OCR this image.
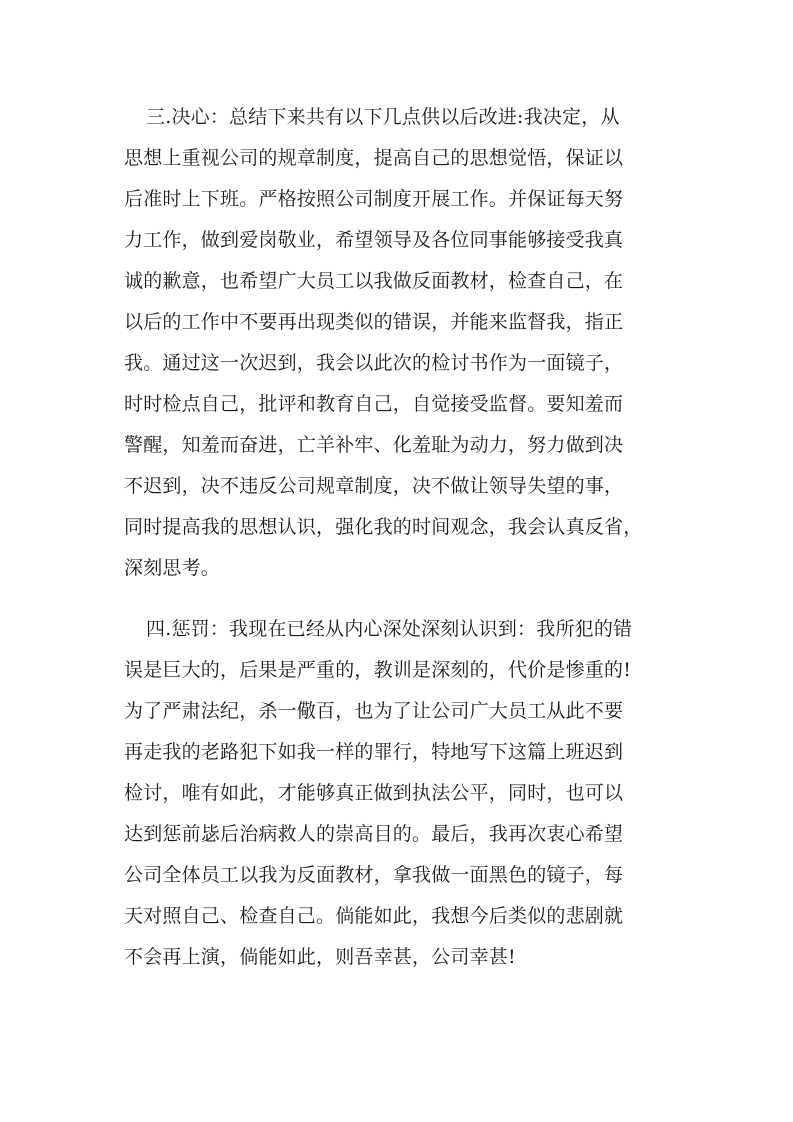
三.决心：总结下来共有以下几点供以后改进:我决定，从
思想上重视公司的规章制度，提高自己的思想觉悟，保证以
后准时上下班。严格按照公司制度开展工作。并保证每天努
力工作，做到爱岗敬业，希望领导及各位同事能够接受我真
诚的歉意，也希望广大员工以我做反面教材，检查自己，在
以后的工作中不要再出现类似的错误，并能来监督我，指正
我。通过这一次迟到，我会以此次的检讨书作为一面镜子，
时时检点自己，批评和教育自己，自觉接受监督。要知羞而
警醒，知羞而奋进，亡羊补牢、化羞耻为动力，努力做到决
不迟到，决不违反公司规章制度，决不做让领导失望的事，
同时提高我的思想认识，强化我的时间观念，我会认真反省，
深刻思考。
四.惩罚：我现在已经从内心深处深刻认识到：我所犯的错
误是巨大的，后果是严重的，教训是深刻的，代价是惨重的!
为了严肃法纪，杀一儆百，也为了让公司广大员工从此不要
再走我的老路犯下如我一样的罪行，特地写下这篇上班迟到
检讨，唯有如此，才能够真正做到执法公平，同时，也可以
达到惩前毖后治病救人的崇高目的。最后，我再次衷心希望
公司全体员工以我为反面教材，拿我做一面黑色的镜子，每
天对照自己、检查自己。倘能如此，我想今后类似的悲剧就
不会再上演，倘能如此，则吾幸甚，公司幸甚!
